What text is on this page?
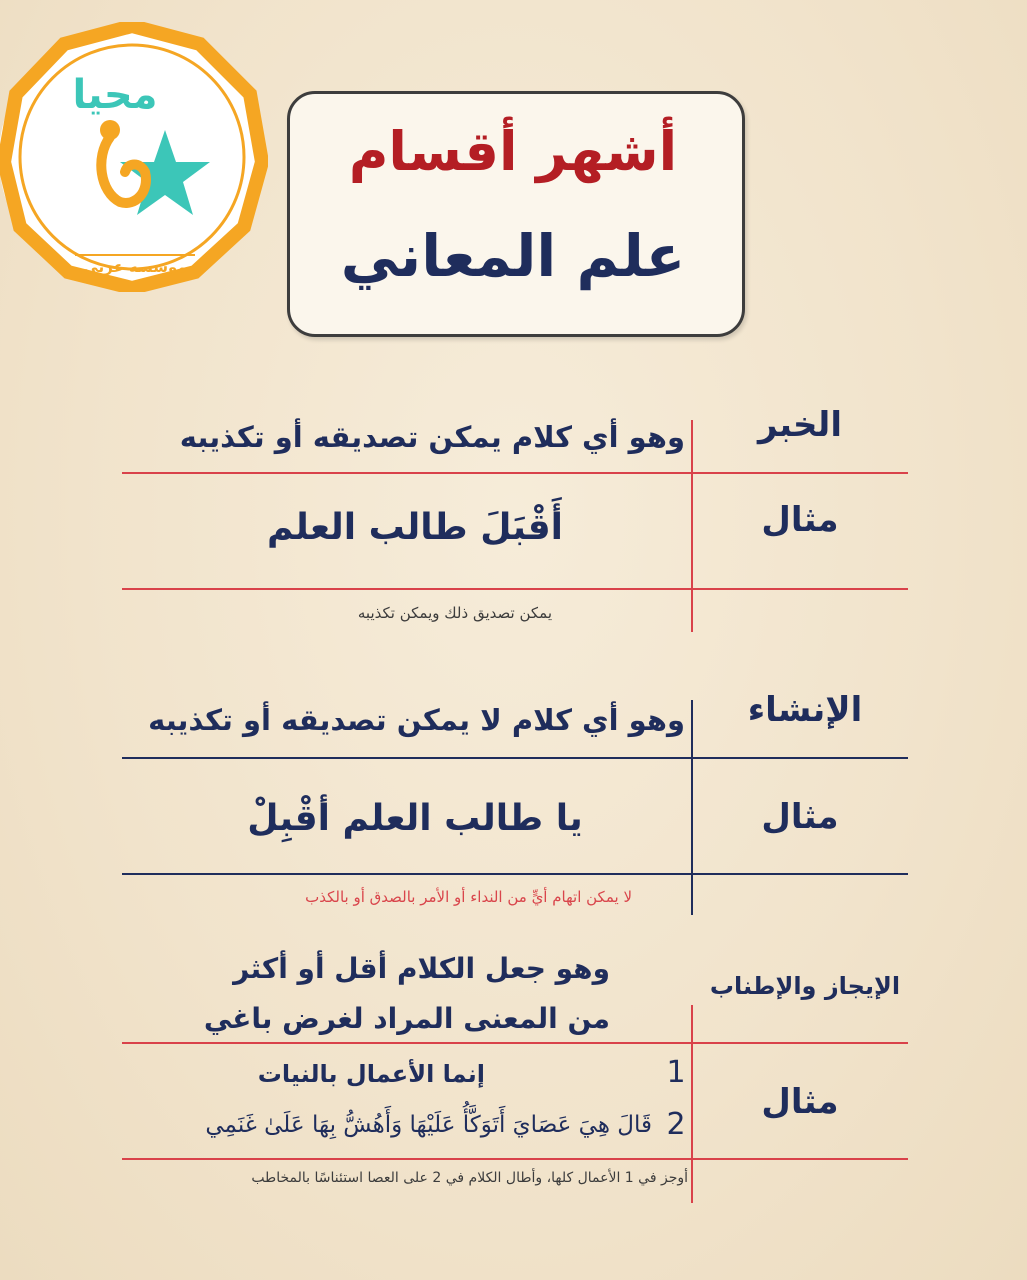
محیا
موسسه عربی
أشهر أقسام
علم المعاني
الخبر
وهو أي كلام يمكن تصديقه أو تكذيبه
مثال
أَقْبَلَ طالب العلم
يمكن تصديق ذلك ويمكن تكذيبه
الإنشاء
وهو أي كلام لا يمكن تصديقه أو تكذيبه
مثال
يا طالب العلم أقْبِلْ
لا يمكن اتهام أيٍّ من النداء أو الأمر بالصدق أو بالكذب
الإيجاز والإطناب
وهو جعل الكلام أقل أو أكثر
من المعنى المراد لغرض باغي
مثال
1
إنما الأعمال بالنيات
2
قَالَ هِيَ عَصَايَ أَتَوَكَّأُ عَلَيْهَا وَأَهُشُّ بِهَا عَلَىٰ غَنَمِي
أوجز في 1 الأعمال كلها، وأطال الكلام في 2 على العصا استئناسًا بالمخاطب
